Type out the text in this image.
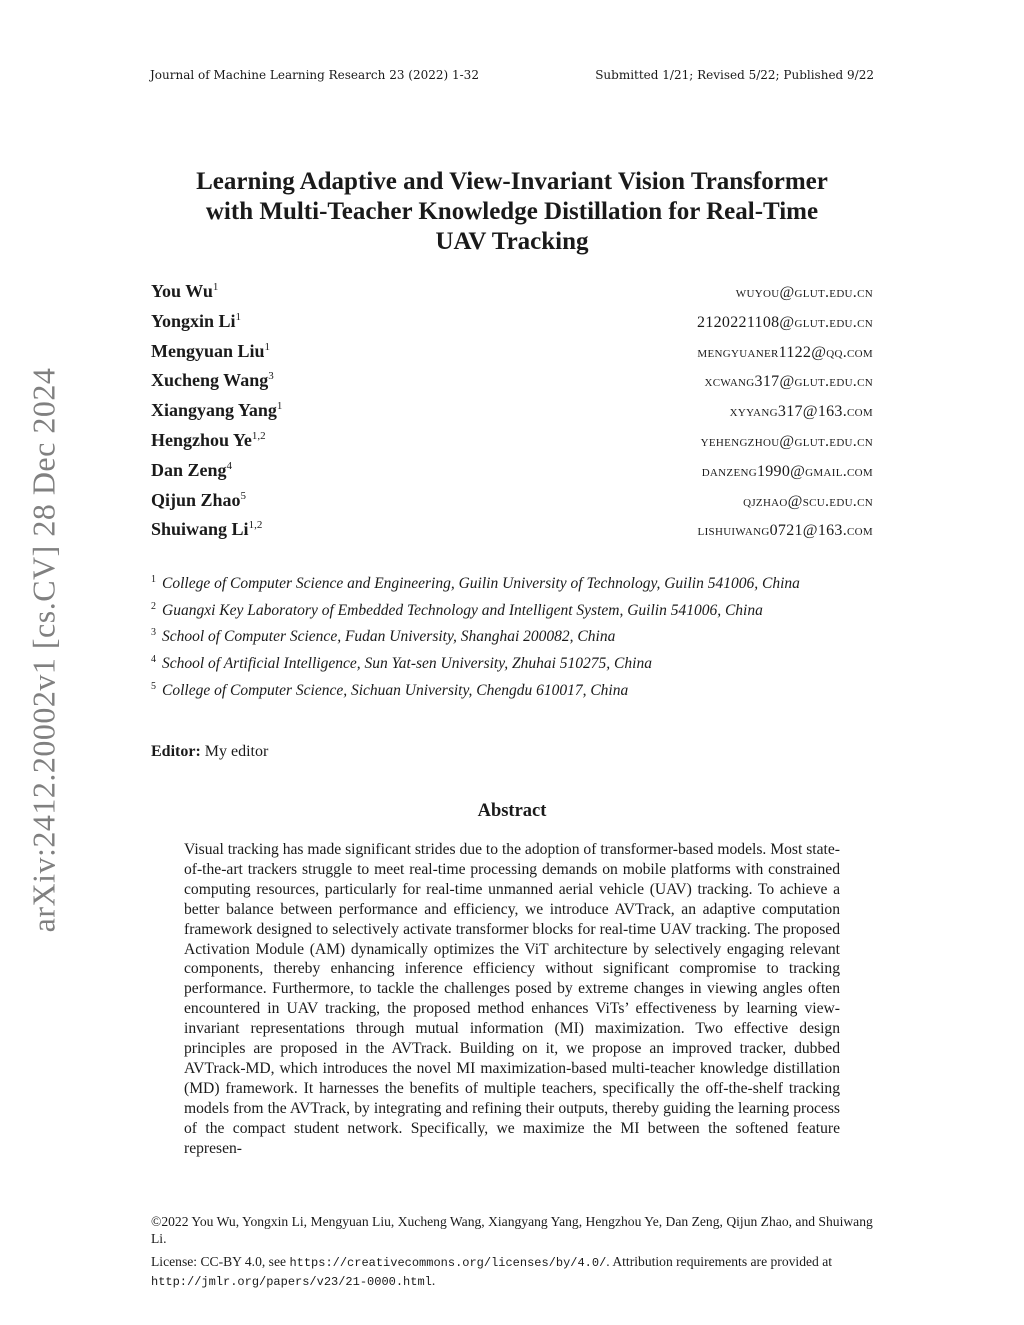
Journal of Machine Learning Research 23 (2022) 1-32	Submitted 1/21; Revised 5/22; Published 9/22
arXiv:2412.20002v1 [cs.CV] 28 Dec 2024
Learning Adaptive and View-Invariant Vision Transformer
with Multi-Teacher Knowledge Distillation for Real-Time
UAV Tracking
You Wu$^1$	wuyou@glut.edu.cn
Yongxin Li$^1$	2120221108@glut.edu.cn
Mengyuan Liu$^1$	mengyuaner1122@qq.com
Xucheng Wang$^3$	xcwang317@glut.edu.cn
Xiangyang Yang$^1$	xyyang317@163.com
Hengzhou Ye$^{1,2}$	yehengzhou@glut.edu.cn
Dan Zeng$^4$	danzeng1990@gmail.com
Qijun Zhao$^5$	qjzhao@scu.edu.cn
Shuiwang Li$^{1,2}$	lishuiwang0721@163.com
$^1$ College of Computer Science and Engineering, Guilin University of Technology, Guilin 541006, China
$^2$ Guangxi Key Laboratory of Embedded Technology and Intelligent System, Guilin 541006, China
$^3$ School of Computer Science, Fudan University, Shanghai 200082, China
$^4$ School of Artificial Intelligence, Sun Yat-sen University, Zhuhai 510275, China
$^5$ College of Computer Science, Sichuan University, Chengdu 610017, China
Editor: My editor
Abstract
Visual tracking has made significant strides due to the adoption of transformer-based models. Most state-of-the-art trackers struggle to meet real-time processing demands on mobile platforms with constrained computing resources, particularly for real-time unmanned aerial vehicle (UAV) tracking. To achieve a better balance between performance and efficiency, we introduce AVTrack, an adaptive computation framework designed to selectively activate transformer blocks for real-time UAV tracking. The proposed Activation Module (AM) dynamically optimizes the ViT architecture by selectively engaging relevant components, thereby enhancing inference efficiency without significant compromise to tracking performance. Furthermore, to tackle the challenges posed by extreme changes in viewing angles often encountered in UAV tracking, the proposed method enhances ViTs’ effectiveness by learning view-invariant representations through mutual information (MI) maximization. Two effective design principles are proposed in the AVTrack. Building on it, we propose an improved tracker, dubbed AVTrack-MD, which introduces the novel MI maximization-based multi-teacher knowledge distillation (MD) framework. It harnesses the benefits of multiple teachers, specifically the off-the-shelf tracking models from the AVTrack, by integrating and refining their outputs, thereby guiding the learning process of the compact student network. Specifically, we maximize the MI between the softened feature represen-
©2022 You Wu, Yongxin Li, Mengyuan Liu, Xucheng Wang, Xiangyang Yang, Hengzhou Ye, Dan Zeng, Qijun Zhao, and Shuiwang Li.
License: CC-BY 4.0, see https://creativecommons.org/licenses/by/4.0/. Attribution requirements are provided at http://jmlr.org/papers/v23/21-0000.html.
